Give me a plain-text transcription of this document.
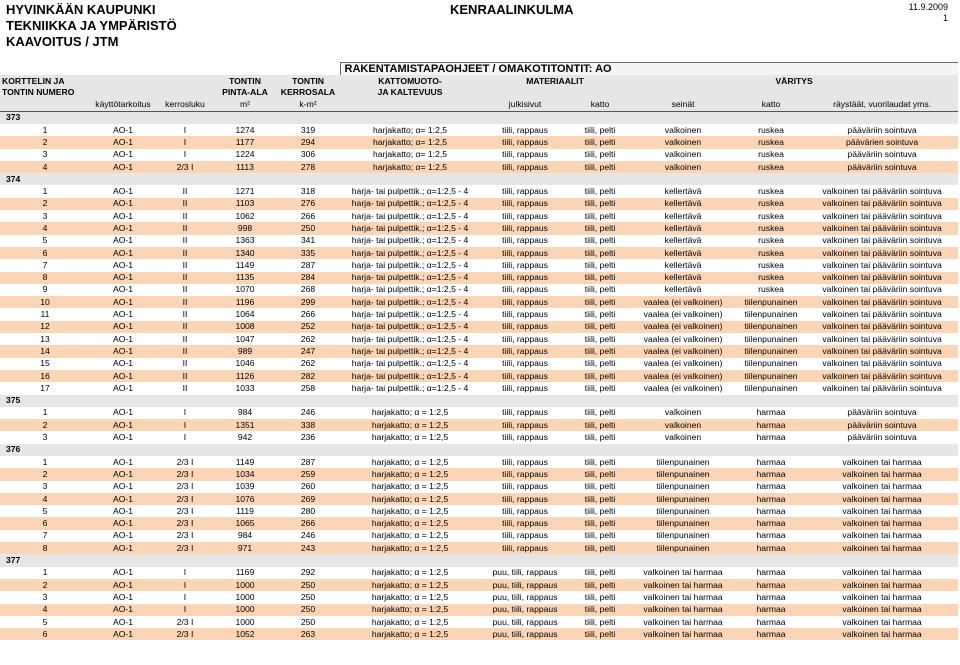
HYVINKÄÄN KAUPUNKI
TEKNIIKKA JA YMPÄRISTÖ
KAAVOITUS / JTM
KENRAALINKULMA	11.9.2009
1
					RAKENTAMISTAPAOHJEET / OMAKOTITONTIT: AO					
KORTTELIN JA			TONTIN	TONTIN	KATTOMUOTO-	MATERIAALIT		VÄRITYS		
TONTIN NUMERO			PINTA-ALA	KERROSALA	JA KALTEVUUS					
	käyttötarkoitus	kerrosluku	m²	k-m²		julkisivut	katto	seinät	katto	räystäät, vuorilaudat yms.
373										
1	AO-1	I	1274	319	harjakatto; α= 1:2,5	tiili, rappaus	tiili, pelti	valkoinen	ruskea	pääväriin sointuva
2	AO-1	I	1177	294	harjakatto; α= 1:2,5	tiili, rappaus	tiili, pelti	valkoinen	ruskea	päävärien sointuva
3	AO-1	I	1224	306	harjakatto; α= 1:2,5	tiili, rappaus	tiili, pelti	valkoinen	ruskea	pääväriin sointuva
4	AO-1	2/3 I	1113	278	harjakatto; α= 1:2,5	tiili, rappaus	tiili, pelti	valkoinen	ruskea	pääväriin sointuva
374										
1	AO-1	II	1271	318	harja- tai pulpettik.; α=1:2,5 - 4	tiili, rappaus	tiili, pelti	kellertävä	ruskea	valkoinen tai pääväriin sointuva
2	AO-1	II	1103	276	harja- tai pulpettik.; α=1:2,5 - 4	tiili, rappaus	tiili, pelti	kellertävä	ruskea	valkoinen tai pääväriin sointuva
3	AO-1	II	1062	266	harja- tai pulpettik.; α=1:2,5 - 4	tiili, rappaus	tiili, pelti	kellertävä	ruskea	valkoinen tai pääväriin sointuva
4	AO-1	II	998	250	harja- tai pulpettik.; α=1:2,5 - 4	tiili, rappaus	tiili, pelti	kellertävä	ruskea	valkoinen tai pääväriin sointuva
5	AO-1	II	1363	341	harja- tai pulpettik.; α=1:2,5 - 4	tiili, rappaus	tiili, pelti	kellertävä	ruskea	valkoinen tai pääväriin sointuva
6	AO-1	II	1340	335	harja- tai pulpettik.; α=1:2,5 - 4	tiili, rappaus	tiili, pelti	kellertävä	ruskea	valkoinen tai pääväriin sointuva
7	AO-1	II	1149	287	harja- tai pulpettik.; α=1:2,5 - 4	tiili, rappaus	tiili, pelti	kellertävä	ruskea	valkoinen tai pääväriin sointuva
8	AO-1	II	1135	284	harja- tai pulpettik.; α=1:2,5 - 4	tiili, rappaus	tiili, pelti	kellertävä	ruskea	valkoinen tai pääväriin sointuva
9	AO-1	II	1070	268	harja- tai pulpettik.; α=1:2,5 - 4	tiili, rappaus	tiili, pelti	kellertävä	ruskea	valkoinen tai pääväriin sointuva
10	AO-1	II	1196	299	harja- tai pulpettik.; α=1:2,5 - 4	tiili, rappaus	tiili, pelti	vaalea (ei valkoinen)	tiilenpunainen	valkoinen tai pääväriin sointuva
11	AO-1	II	1064	266	harja- tai pulpettik.; α=1:2,5 - 4	tiili, rappaus	tiili, pelti	vaalea (ei valkoinen)	tiilenpunainen	valkoinen tai pääväriin sointuva
12	AO-1	II	1008	252	harja- tai pulpettik.; α=1:2,5 - 4	tiili, rappaus	tiili, pelti	vaalea (ei valkoinen)	tiilenpunainen	valkoinen tai pääväriin sointuva
13	AO-1	II	1047	262	harja- tai pulpettik.; α=1:2,5 - 4	tiili, rappaus	tiili, pelti	vaalea (ei valkoinen)	tiilenpunainen	valkoinen tai pääväriin sointuva
14	AO-1	II	989	247	harja- tai pulpettik.; α=1:2,5 - 4	tiili, rappaus	tiili, pelti	vaalea (ei valkoinen)	tiilenpunainen	valkoinen tai pääväriin sointuva
15	AO-1	II	1046	262	harja- tai pulpettik.; α=1:2,5 - 4	tiili, rappaus	tiili, pelti	vaalea (ei valkoinen)	tiilenpunainen	valkoinen tai pääväriin sointuva
16	AO-1	II	1126	282	harja- tai pulpettik.; α=1:2,5 - 4	tiili, rappaus	tiili, pelti	vaalea (ei valkoinen)	tiilenpunainen	valkoinen tai pääväriin sointuva
17	AO-1	II	1033	258	harja- tai pulpettik.; α=1:2,5 - 4	tiili, rappaus	tiili, pelti	vaalea (ei valkoinen)	tiilenpunainen	valkoinen tai pääväriin sointuva
375										
1	AO-1	I	984	246	harjakatto; α = 1:2,5	tiili, rappaus	tiili, pelti	valkoinen	harmaa	pääväriin sointuva
2	AO-1	I	1351	338	harjakatto; α = 1:2,5	tiili, rappaus	tiili, pelti	valkoinen	harmaa	pääväriin sointuva
3	AO-1	I	942	236	harjakatto; α = 1:2,5	tiili, rappaus	tiili, pelti	valkoinen	harmaa	pääväriin sointuva
376										
1	AO-1	2/3 I	1149	287	harjakatto; α = 1:2,5	tiili, rappaus	tiili, pelti	tiilenpunainen	harmaa	valkoinen tai harmaa
2	AO-1	2/3 I	1034	259	harjakatto; α = 1:2,5	tiili, rappaus	tiili, pelti	tiilenpunainen	harmaa	valkoinen tai harmaa
3	AO-1	2/3 I	1039	260	harjakatto; α = 1:2,5	tiili, rappaus	tiili, pelti	tiilenpunainen	harmaa	valkoinen tai harmaa
4	AO-1	2/3 I	1076	269	harjakatto; α = 1:2,5	tiili, rappaus	tiili, pelti	tiilenpunainen	harmaa	valkoinen tai harmaa
5	AO-1	2/3 I	1119	280	harjakatto; α = 1:2,5	tiili, rappaus	tiili, pelti	tiilenpunainen	harmaa	valkoinen tai harmaa
6	AO-1	2/3 I	1065	266	harjakatto; α = 1:2,5	tiili, rappaus	tiili, pelti	tiilenpunainen	harmaa	valkoinen tai harmaa
7	AO-1	2/3 I	984	246	harjakatto; α = 1:2,5	tiili, rappaus	tiili, pelti	tiilenpunainen	harmaa	valkoinen tai harmaa
8	AO-1	2/3 I	971	243	harjakatto; α = 1:2,5	tiili, rappaus	tiili, pelti	tiilenpunainen	harmaa	valkoinen tai harmaa
377										
1	AO-1	I	1169	292	harjakatto; α = 1:2,5	puu, tiili, rappaus	tiili, pelti	valkoinen tai harmaa	harmaa	valkoinen tai harmaa
2	AO-1	I	1000	250	harjakatto; α = 1:2,5	puu, tiili, rappaus	tiili, pelti	valkoinen tai harmaa	harmaa	valkoinen tai harmaa
3	AO-1	I	1000	250	harjakatto; α = 1:2,5	puu, tiili, rappaus	tiili, pelti	valkoinen tai harmaa	harmaa	valkoinen tai harmaa
4	AO-1	I	1000	250	harjakatto; α = 1:2,5	puu, tiili, rappaus	tiili, pelti	valkoinen tai harmaa	harmaa	valkoinen tai harmaa
5	AO-1	2/3 I	1000	250	harjakatto; α = 1:2,5	puu, tiili, rappaus	tiili, pelti	valkoinen tai harmaa	harmaa	valkoinen tai harmaa
6	AO-1	2/3 I	1052	263	harjakatto; α = 1:2,5	puu, tiili, rappaus	tiili, pelti	valkoinen tai harmaa	harmaa	valkoinen tai harmaa
